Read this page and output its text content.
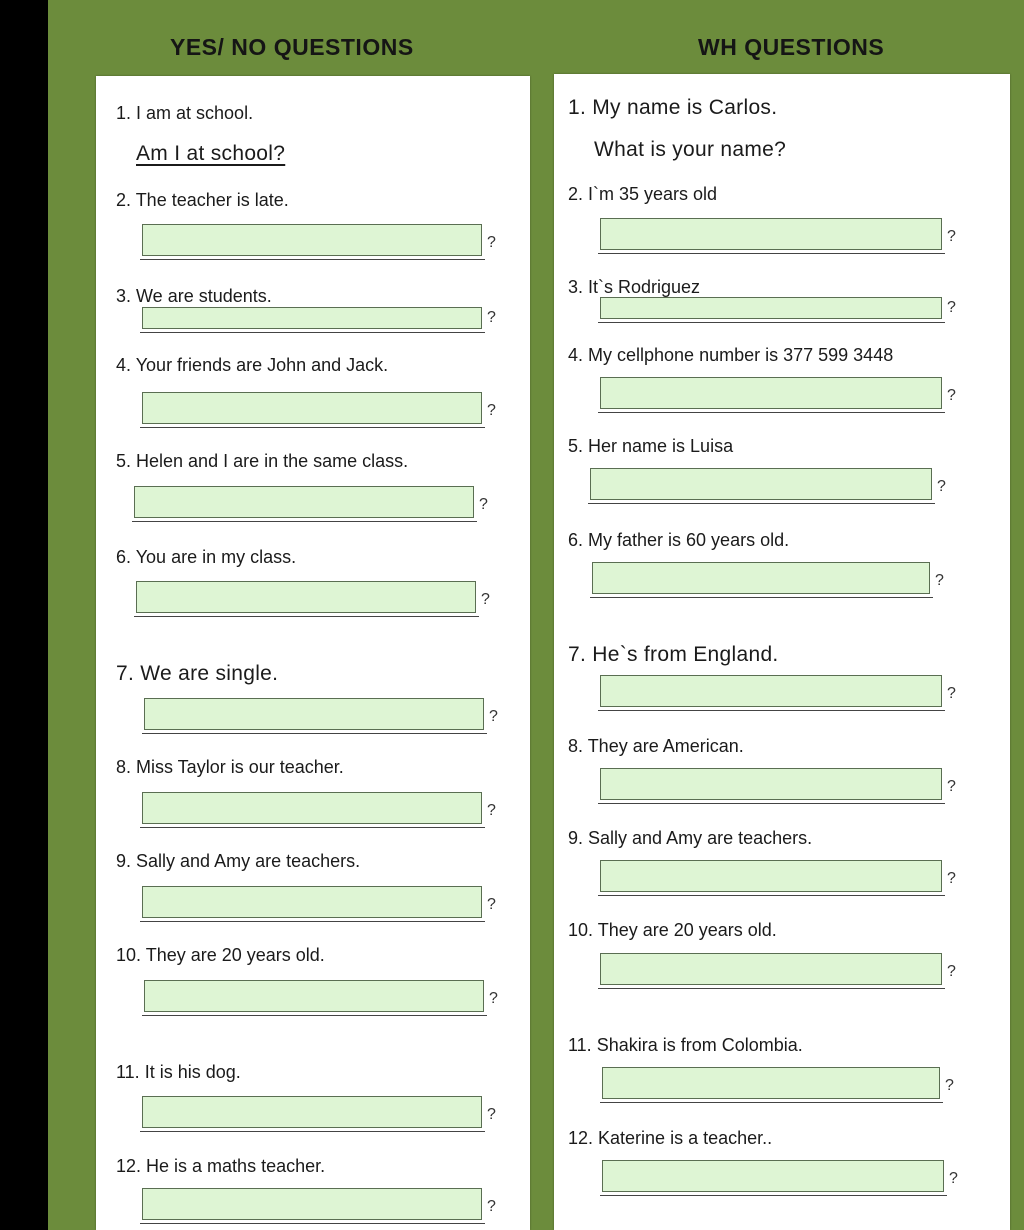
YES/ NO QUESTIONS	WH QUESTIONS
1. I am at school.
Am I at school?
2. The teacher is late.
?
3. We are students.
?
4. Your friends are John and Jack.
?
5. Helen and I are in the same class.
?
6. You are in my class.
?
7. We are single.
?
8. Miss Taylor is our teacher.
?
9. Sally and Amy are teachers.
?
10. They are 20 years old.
?
11. It is his dog.
?
12. He is a maths teacher.
?
1. My name is Carlos.
What is your name?
2. I`m 35 years old
?
3. It`s Rodriguez
?
4. My cellphone number is 377 599 3448
?
5. Her name is Luisa
?
6. My father is 60 years old.
?
7. He`s from England.
?
8. They are American.
?
9. Sally and Amy are teachers.
?
10. They are 20 years old.
?
11. Shakira is from Colombia.
?
12. Katerine is a teacher..
?
